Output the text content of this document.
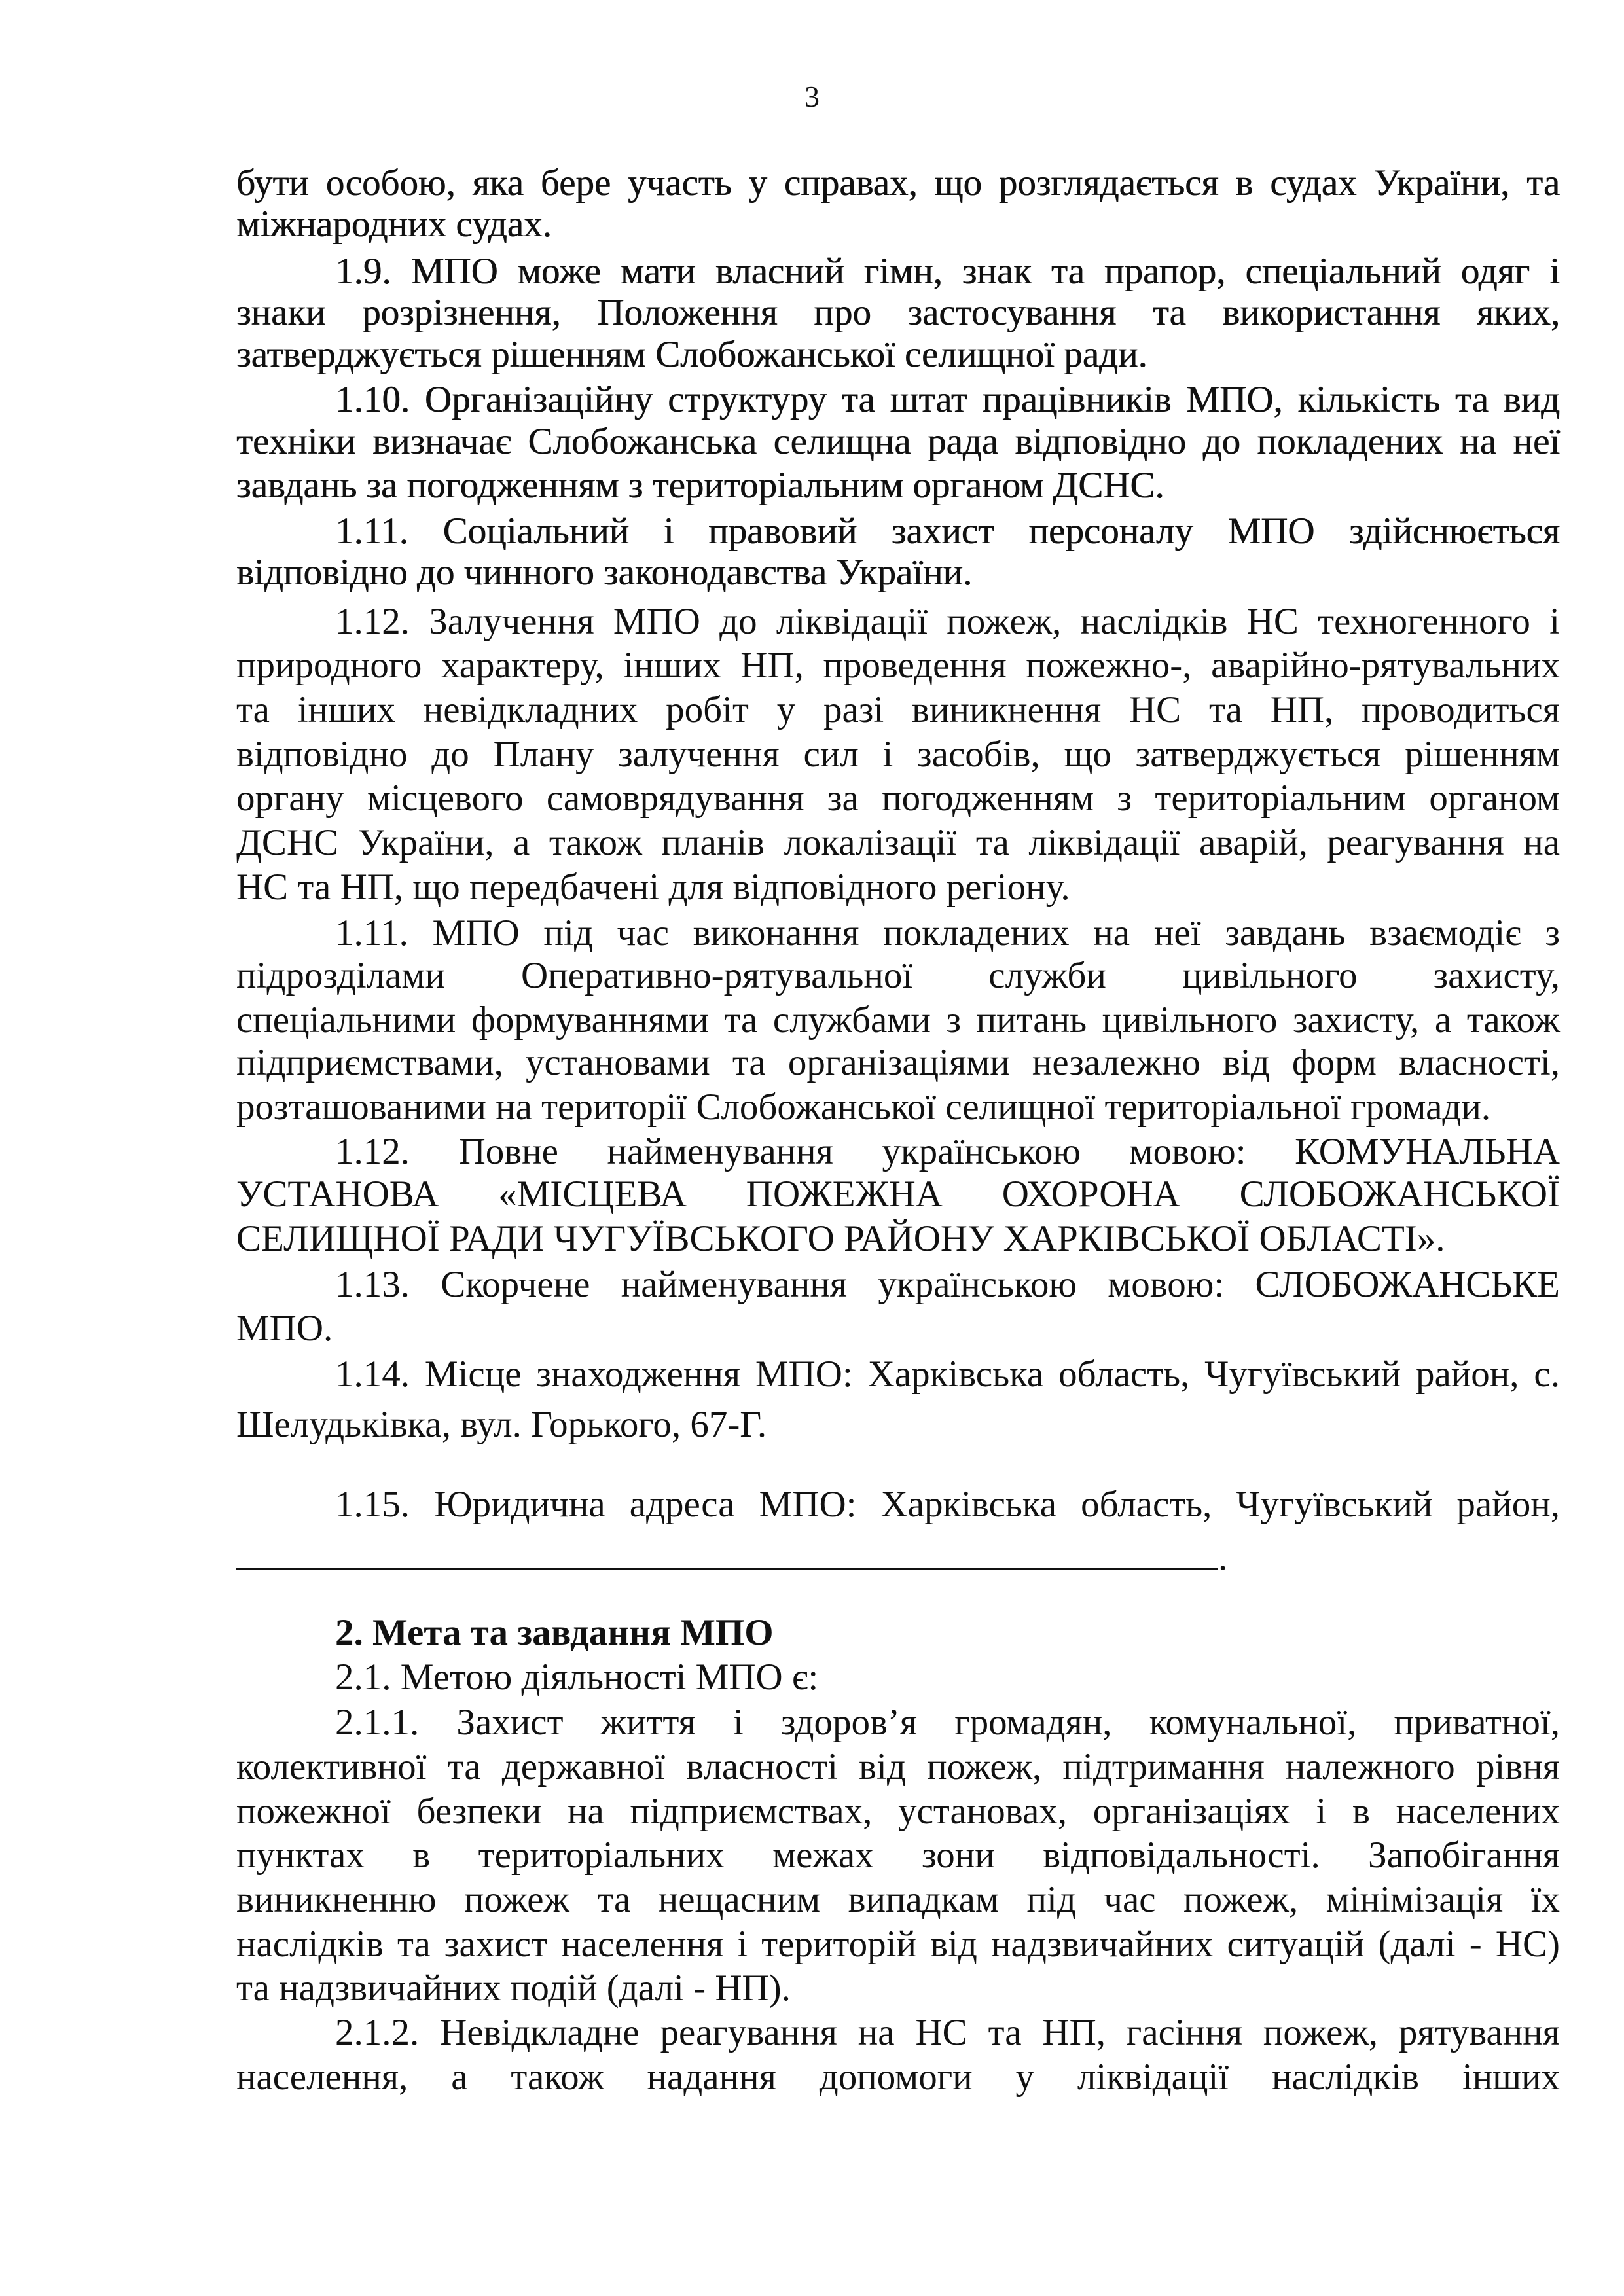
3
бути особою, яка бере участь у справах, що розглядається в судах України, та
міжнародних судах.
1.9. МПО може мати власний гімн, знак та прапор, спеціальний одяг і
знаки розрізнення, Положення про застосування та використання яких,
затверджується рішенням Слобожанської селищної ради.
1.10. Організаційну структуру та штат працівників МПО, кількість та вид
техніки визначає Слобожанська селищна рада відповідно до покладених на неї
завдань за погодженням з територіальним органом ДСНС.
1.11. Соціальний і правовий захист персоналу МПО здійснюється
відповідно до чинного законодавства України.
1.12. Залучення МПО до ліквідації пожеж, наслідків НС техногенного і
природного характеру, інших НП, проведення пожежно-, аварійно-рятувальних
та інших невідкладних робіт у разі виникнення НС та НП, проводиться
відповідно до Плану залучення сил і засобів, що затверджується рішенням
органу місцевого самоврядування за погодженням з територіальним органом
ДСНС України, а також планів локалізації та ліквідації аварій, реагування на
НС та НП, що передбачені для відповідного регіону.
1.11. МПО під час виконання покладених на неї завдань взаємодіє з
підрозділами Оперативно-рятувальної служби цивільного захисту,
спеціальними формуваннями та службами з питань цивільного захисту, а також
підприємствами, установами та організаціями незалежно від форм власності,
розташованими на території Слобожанської селищної територіальної громади.
1.12. Повне найменування українською мовою: КОМУНАЛЬНА
УСТАНОВА «МІСЦЕВА ПОЖЕЖНА ОХОРОНА СЛОБОЖАНСЬКОЇ
СЕЛИЩНОЇ РАДИ ЧУГУЇВСЬКОГО РАЙОНУ ХАРКІВСЬКОЇ ОБЛАСТІ».
1.13. Скорчене найменування українською мовою: СЛОБОЖАНСЬКЕ
МПО.
1.14. Місце знаходження МПО: Харківська область, Чугуївський район, с.
Шелудьківка, вул. Горького, 67-Г.
1.15. Юридична адреса МПО: Харківська область, Чугуївський район,
.
2. Мета та завдання МПО
2.1. Метою діяльності МПО є:
2.1.1. Захист життя і здоров’я громадян, комунальної, приватної,
колективної та державної власності від пожеж, підтримання належного рівня
пожежної безпеки на підприємствах, установах, організаціях і в населених
пунктах в територіальних межах зони відповідальності. Запобігання
виникненню пожеж та нещасним випадкам під час пожеж, мінімізація їх
наслідків та захист населення і територій від надзвичайних ситуацій (далі - НС)
та надзвичайних подій (далі - НП).
2.1.2. Невідкладне реагування на НС та НП, гасіння пожеж, рятування
населення, а також надання допомоги у ліквідації наслідків інших
